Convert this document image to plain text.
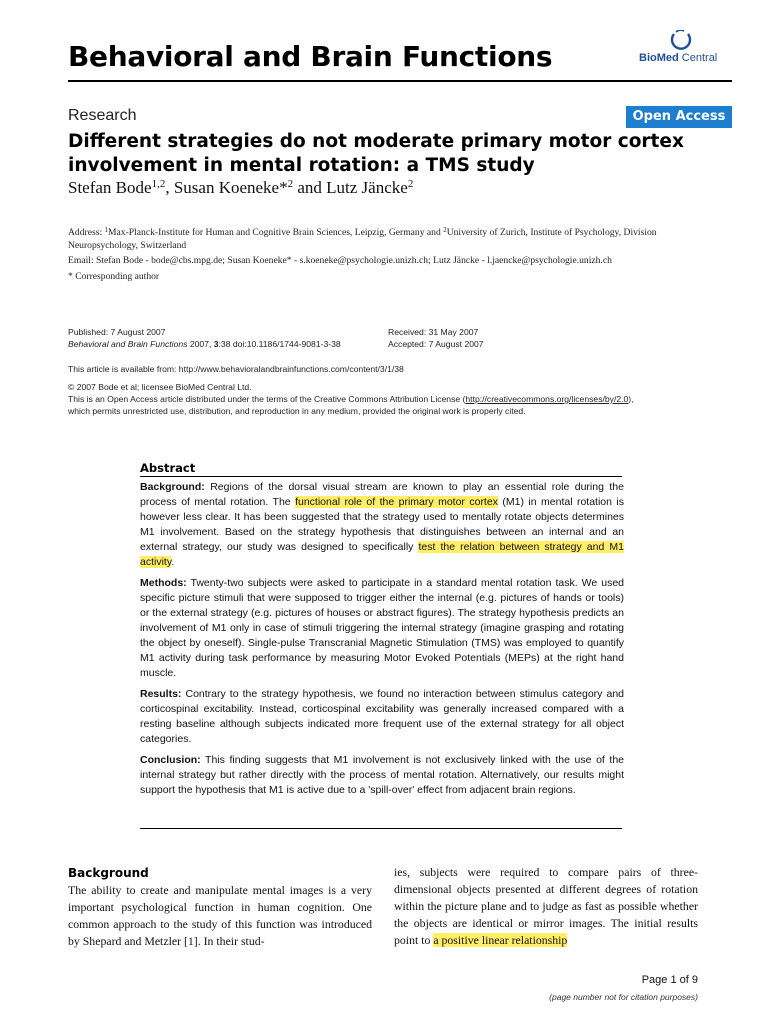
Behavioral and Brain Functions	BioMed Central
Research	Open Access
Different strategies do not moderate primary motor cortex involvement in mental rotation: a TMS study
Stefan Bode$^{1,2}$, Susan Koeneke*$^2$ and Lutz Jäncke$^2$
Address: $^1$Max-Planck-Institute for Human and Cognitive Brain Sciences, Leipzig, Germany and $^2$University of Zurich, Institute of Psychology, Division Neuropsychology, Switzerland
Email: Stefan Bode - bode@cbs.mpg.de; Susan Koeneke* - s.koeneke@psychologie.unizh.ch; Lutz Jäncke - l.jaencke@psychologie.unizh.ch
* Corresponding author
Published: 7 August 2007
Behavioral and Brain Functions 2007, 3:38 doi:10.1186/1744-9081-3-38
Received: 31 May 2007
Accepted: 7 August 2007
This article is available from: http://www.behavioralandbrainfunctions.com/content/3/1/38
© 2007 Bode et al; licensee BioMed Central Ltd.
This is an Open Access article distributed under the terms of the Creative Commons Attribution License (http://creativecommons.org/licenses/by/2.0),
which permits unrestricted use, distribution, and reproduction in any medium, provided the original work is properly cited.
Abstract

Background: Regions of the dorsal visual stream are known to play an essential role during the process of mental rotation. The functional role of the primary motor cortex (M1) in mental rotation is however less clear. It has been suggested that the strategy used to mentally rotate objects determines M1 involvement. Based on the strategy hypothesis that distinguishes between an internal and an external strategy, our study was designed to specifically test the relation between strategy and M1 activity.

Methods: Twenty-two subjects were asked to participate in a standard mental rotation task. We used specific picture stimuli that were supposed to trigger either the internal (e.g. pictures of hands or tools) or the external strategy (e.g. pictures of houses or abstract figures). The strategy hypothesis predicts an involvement of M1 only in case of stimuli triggering the internal strategy (imagine grasping and rotating the object by oneself). Single-pulse Transcranial Magnetic Stimulation (TMS) was employed to quantify M1 activity during task performance by measuring Motor Evoked Potentials (MEPs) at the right hand muscle.

Results: Contrary to the strategy hypothesis, we found no interaction between stimulus category and corticospinal excitability. Instead, corticospinal excitability was generally increased compared with a resting baseline although subjects indicated more frequent use of the external strategy for all object categories.

Conclusion: This finding suggests that M1 involvement is not exclusively linked with the use of the internal strategy but rather directly with the process of mental rotation. Alternatively, our results might support the hypothesis that M1 is active due to a 'spill-over' effect from adjacent brain regions.

Background
The ability to create and manipulate mental images is a very important psychological function in human cognition. One common approach to the study of this function was introduced by Shepard and Metzler [1]. In their stud-
ies, subjects were required to compare pairs of three-dimensional objects presented at different degrees of rotation within the picture plane and to judge as fast as possible whether the objects are identical or mirror images. The initial results point to a positive linear relationship
Page 1 of 9
(page number not for citation purposes)
